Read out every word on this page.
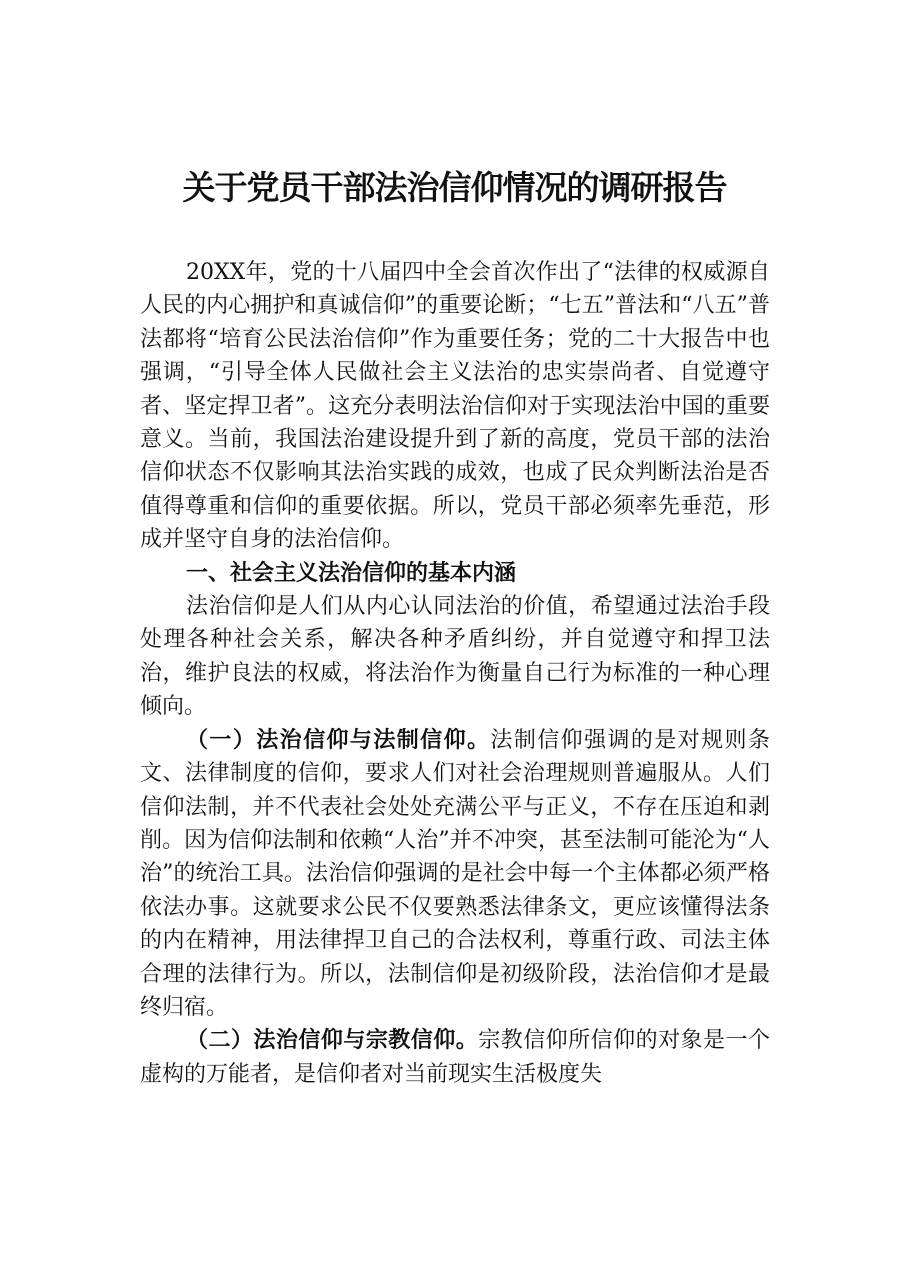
关于党员干部法治信仰情况的调研报告

20XX年，党的十八届四中全会首次作出了“法律的权威源自人民的内心拥护和真诚信仰”的重要论断；“七五”普法和“八五”普法都将“培育公民法治信仰”作为重要任务；党的二十大报告中也强调，“引导全体人民做社会主义法治的忠实崇尚者、自觉遵守者、坚定捍卫者”。这充分表明法治信仰对于实现法治中国的重要意义。当前，我国法治建设提升到了新的高度，党员干部的法治信仰状态不仅影响其法治实践的成效，也成了民众判断法治是否值得尊重和信仰的重要依据。所以，党员干部必须率先垂范，形成并坚守自身的法治信仰。

一、社会主义法治信仰的基本内涵

法治信仰是人们从内心认同法治的价值，希望通过法治手段处理各种社会关系，解决各种矛盾纠纷，并自觉遵守和捍卫法治，维护良法的权威，将法治作为衡量自己行为标准的一种心理倾向。

（一）法治信仰与法制信仰。法制信仰强调的是对规则条文、法律制度的信仰，要求人们对社会治理规则普遍服从。人们信仰法制，并不代表社会处处充满公平与正义，不存在压迫和剥削。因为信仰法制和依赖“人治”并不冲突，甚至法制可能沦为“人治”的统治工具。法治信仰强调的是社会中每一个主体都必须严格依法办事。这就要求公民不仅要熟悉法律条文，更应该懂得法条的内在精神，用法律捍卫自己的合法权利，尊重行政、司法主体合理的法律行为。所以，法制信仰是初级阶段，法治信仰才是最终归宿。

（二）法治信仰与宗教信仰。宗教信仰所信仰的对象是一个虚构的万能者，是信仰者对当前现实生活极度失
